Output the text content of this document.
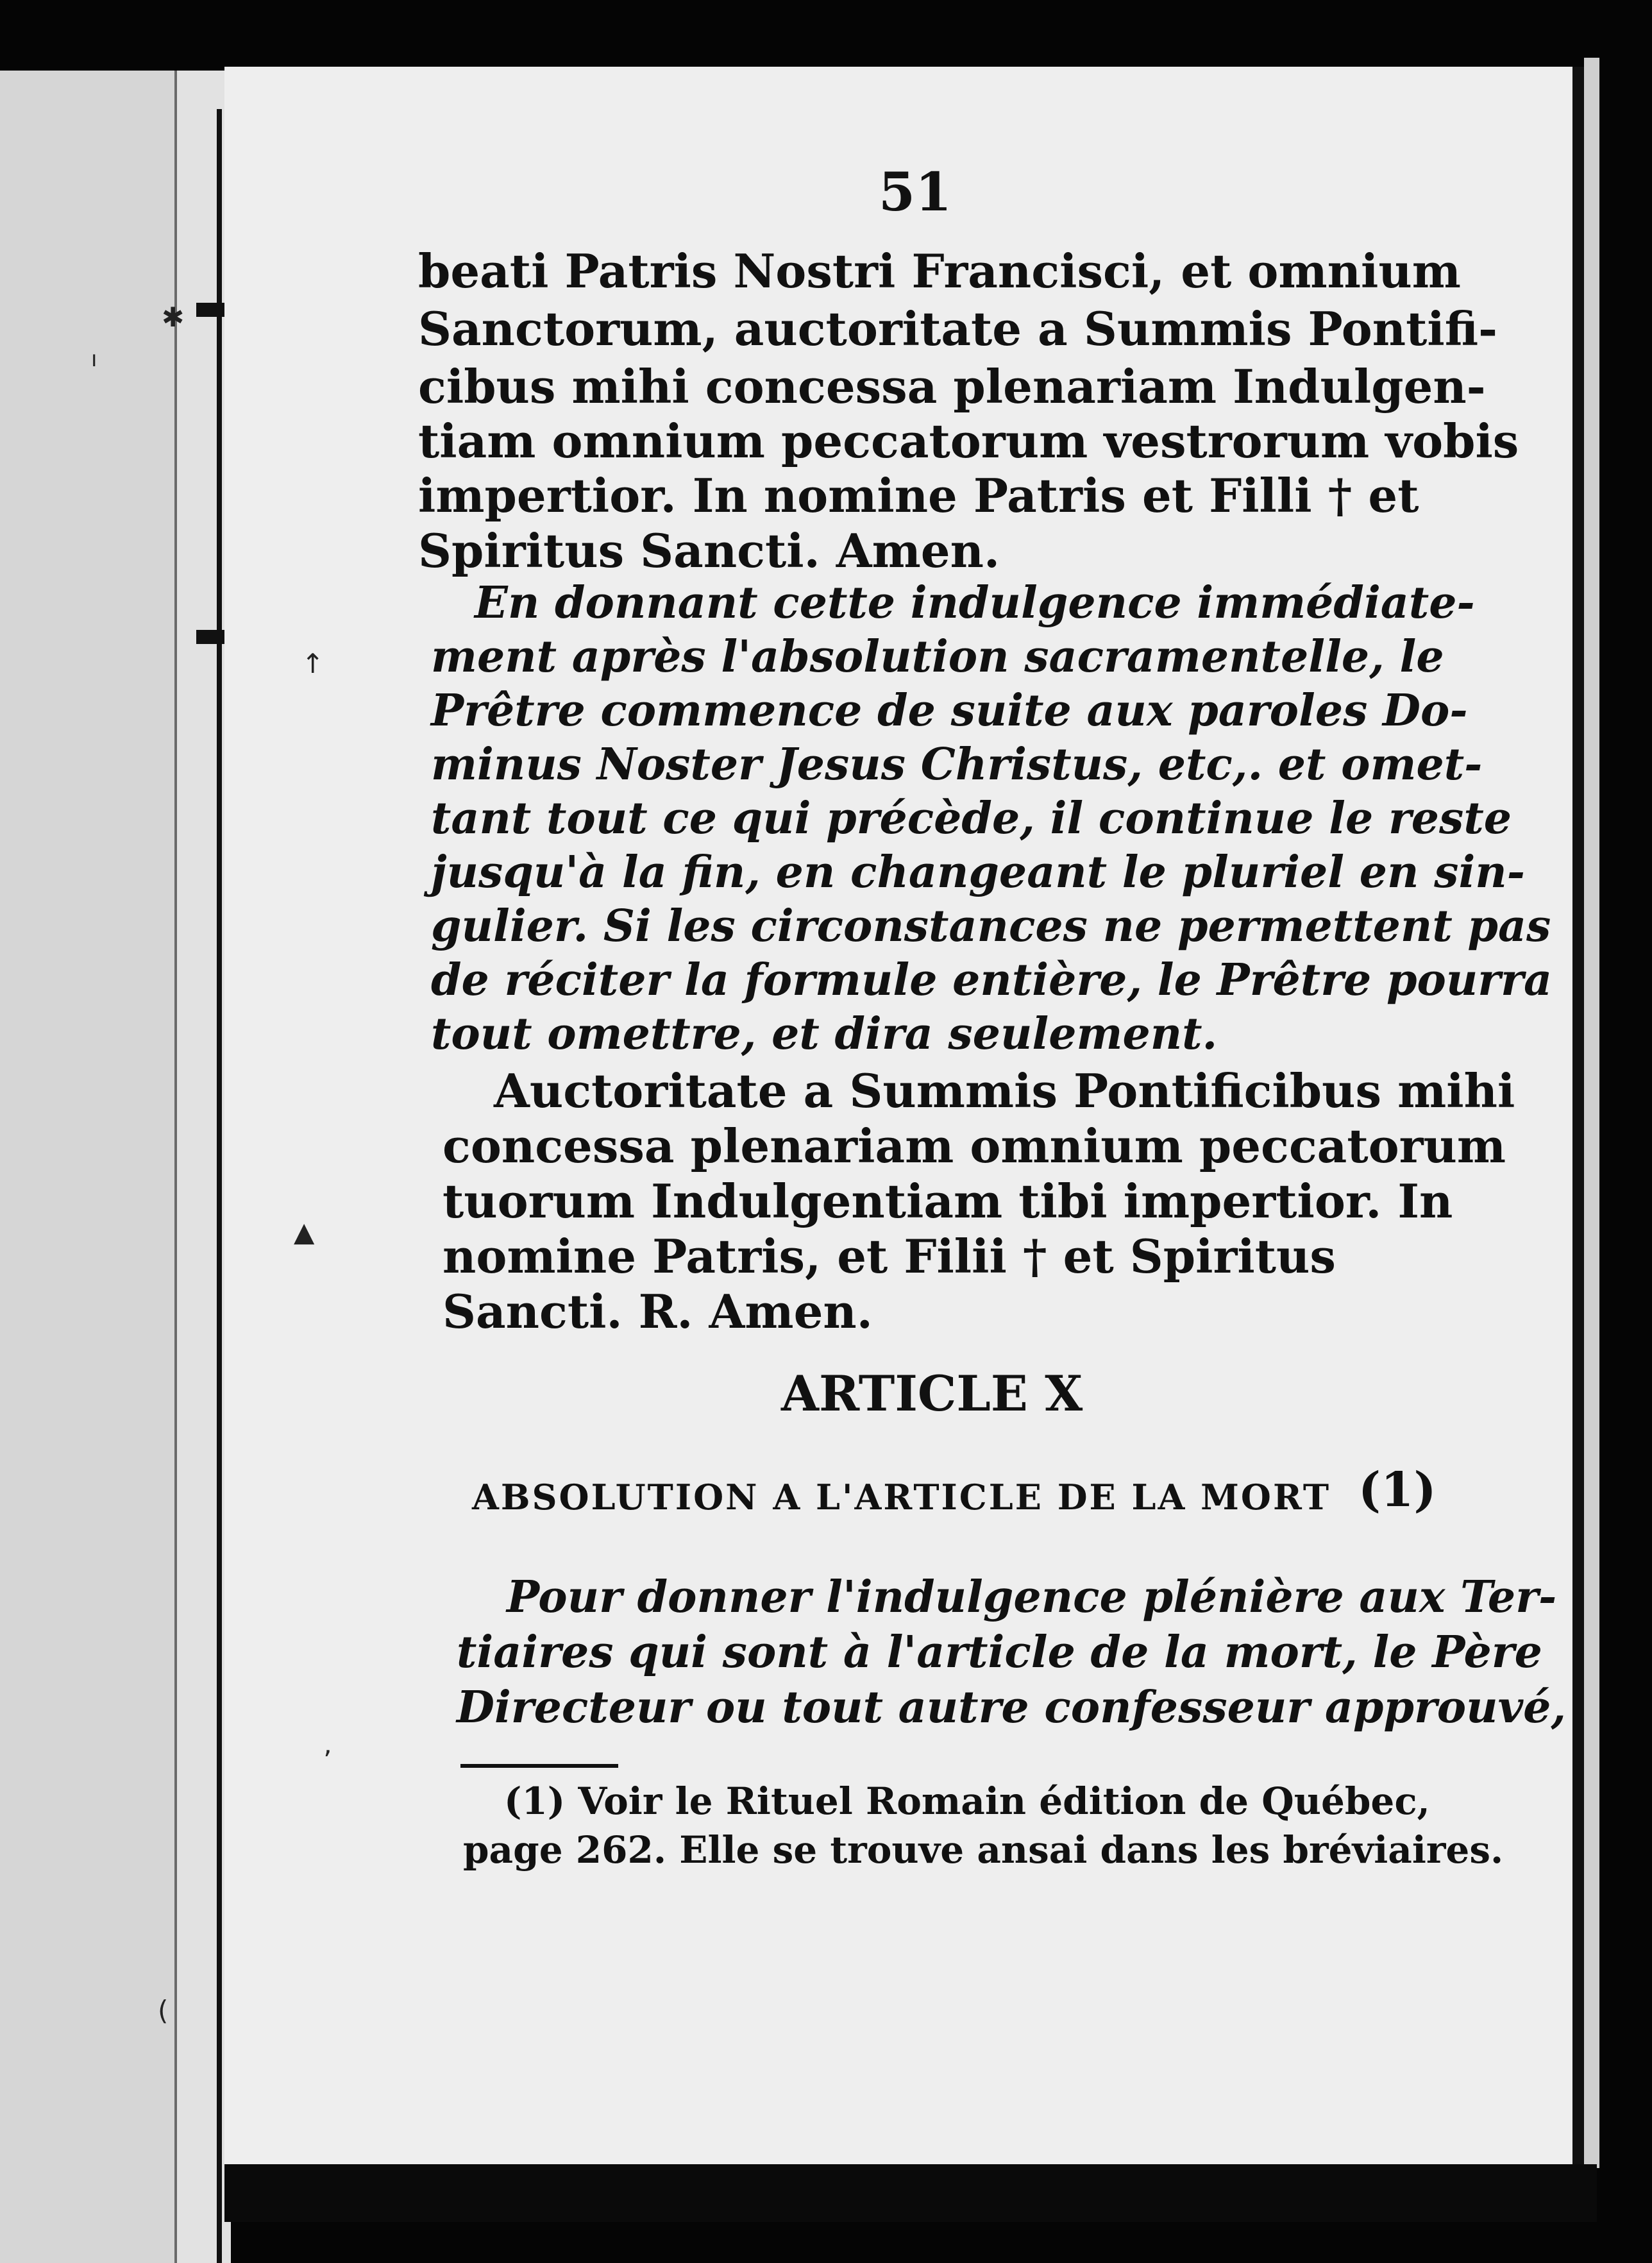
✱
ı
↑
▲
ʼ
(
51
beati Patris Nostri Francisci, et omnium
Sanctorum, auctoritate a Summis Pontifi-
cibus mihi concessa plenariam Indulgen-
tiam omnium peccatorum vestrorum vobis
impertior. In nomine Patris et Filli † et
Spiritus Sancti. Amen.
En donnant cette indulgence immédiate-
ment après l'absolution sacramentelle, le
Prêtre commence de suite aux paroles Do-
minus Noster Jesus Christus, etc,. et omet-
tant tout ce qui précède, il continue le reste
jusqu'à la fin, en changeant le pluriel en sin-
gulier. Si les circonstances ne permettent pas
de réciter la formule entière, le Prêtre pourra
tout omettre, et dira seulement.
Auctoritate a Summis Pontificibus mihi
concessa plenariam omnium peccatorum
tuorum Indulgentiam tibi impertior. In
nomine Patris, et Filii † et Spiritus
Sancti. R. Amen.
ARTICLE X
ABSOLUTION A L'ARTICLE DE LA MORT (1)
Pour donner l'indulgence plénière aux Ter-
tiaires qui sont à l'article de la mort, le Père
Directeur ou tout autre confesseur approuvé,
(1) Voir le Rituel Romain édition de Québec,
page 262. Elle se trouve ansai dans les bréviaires.
